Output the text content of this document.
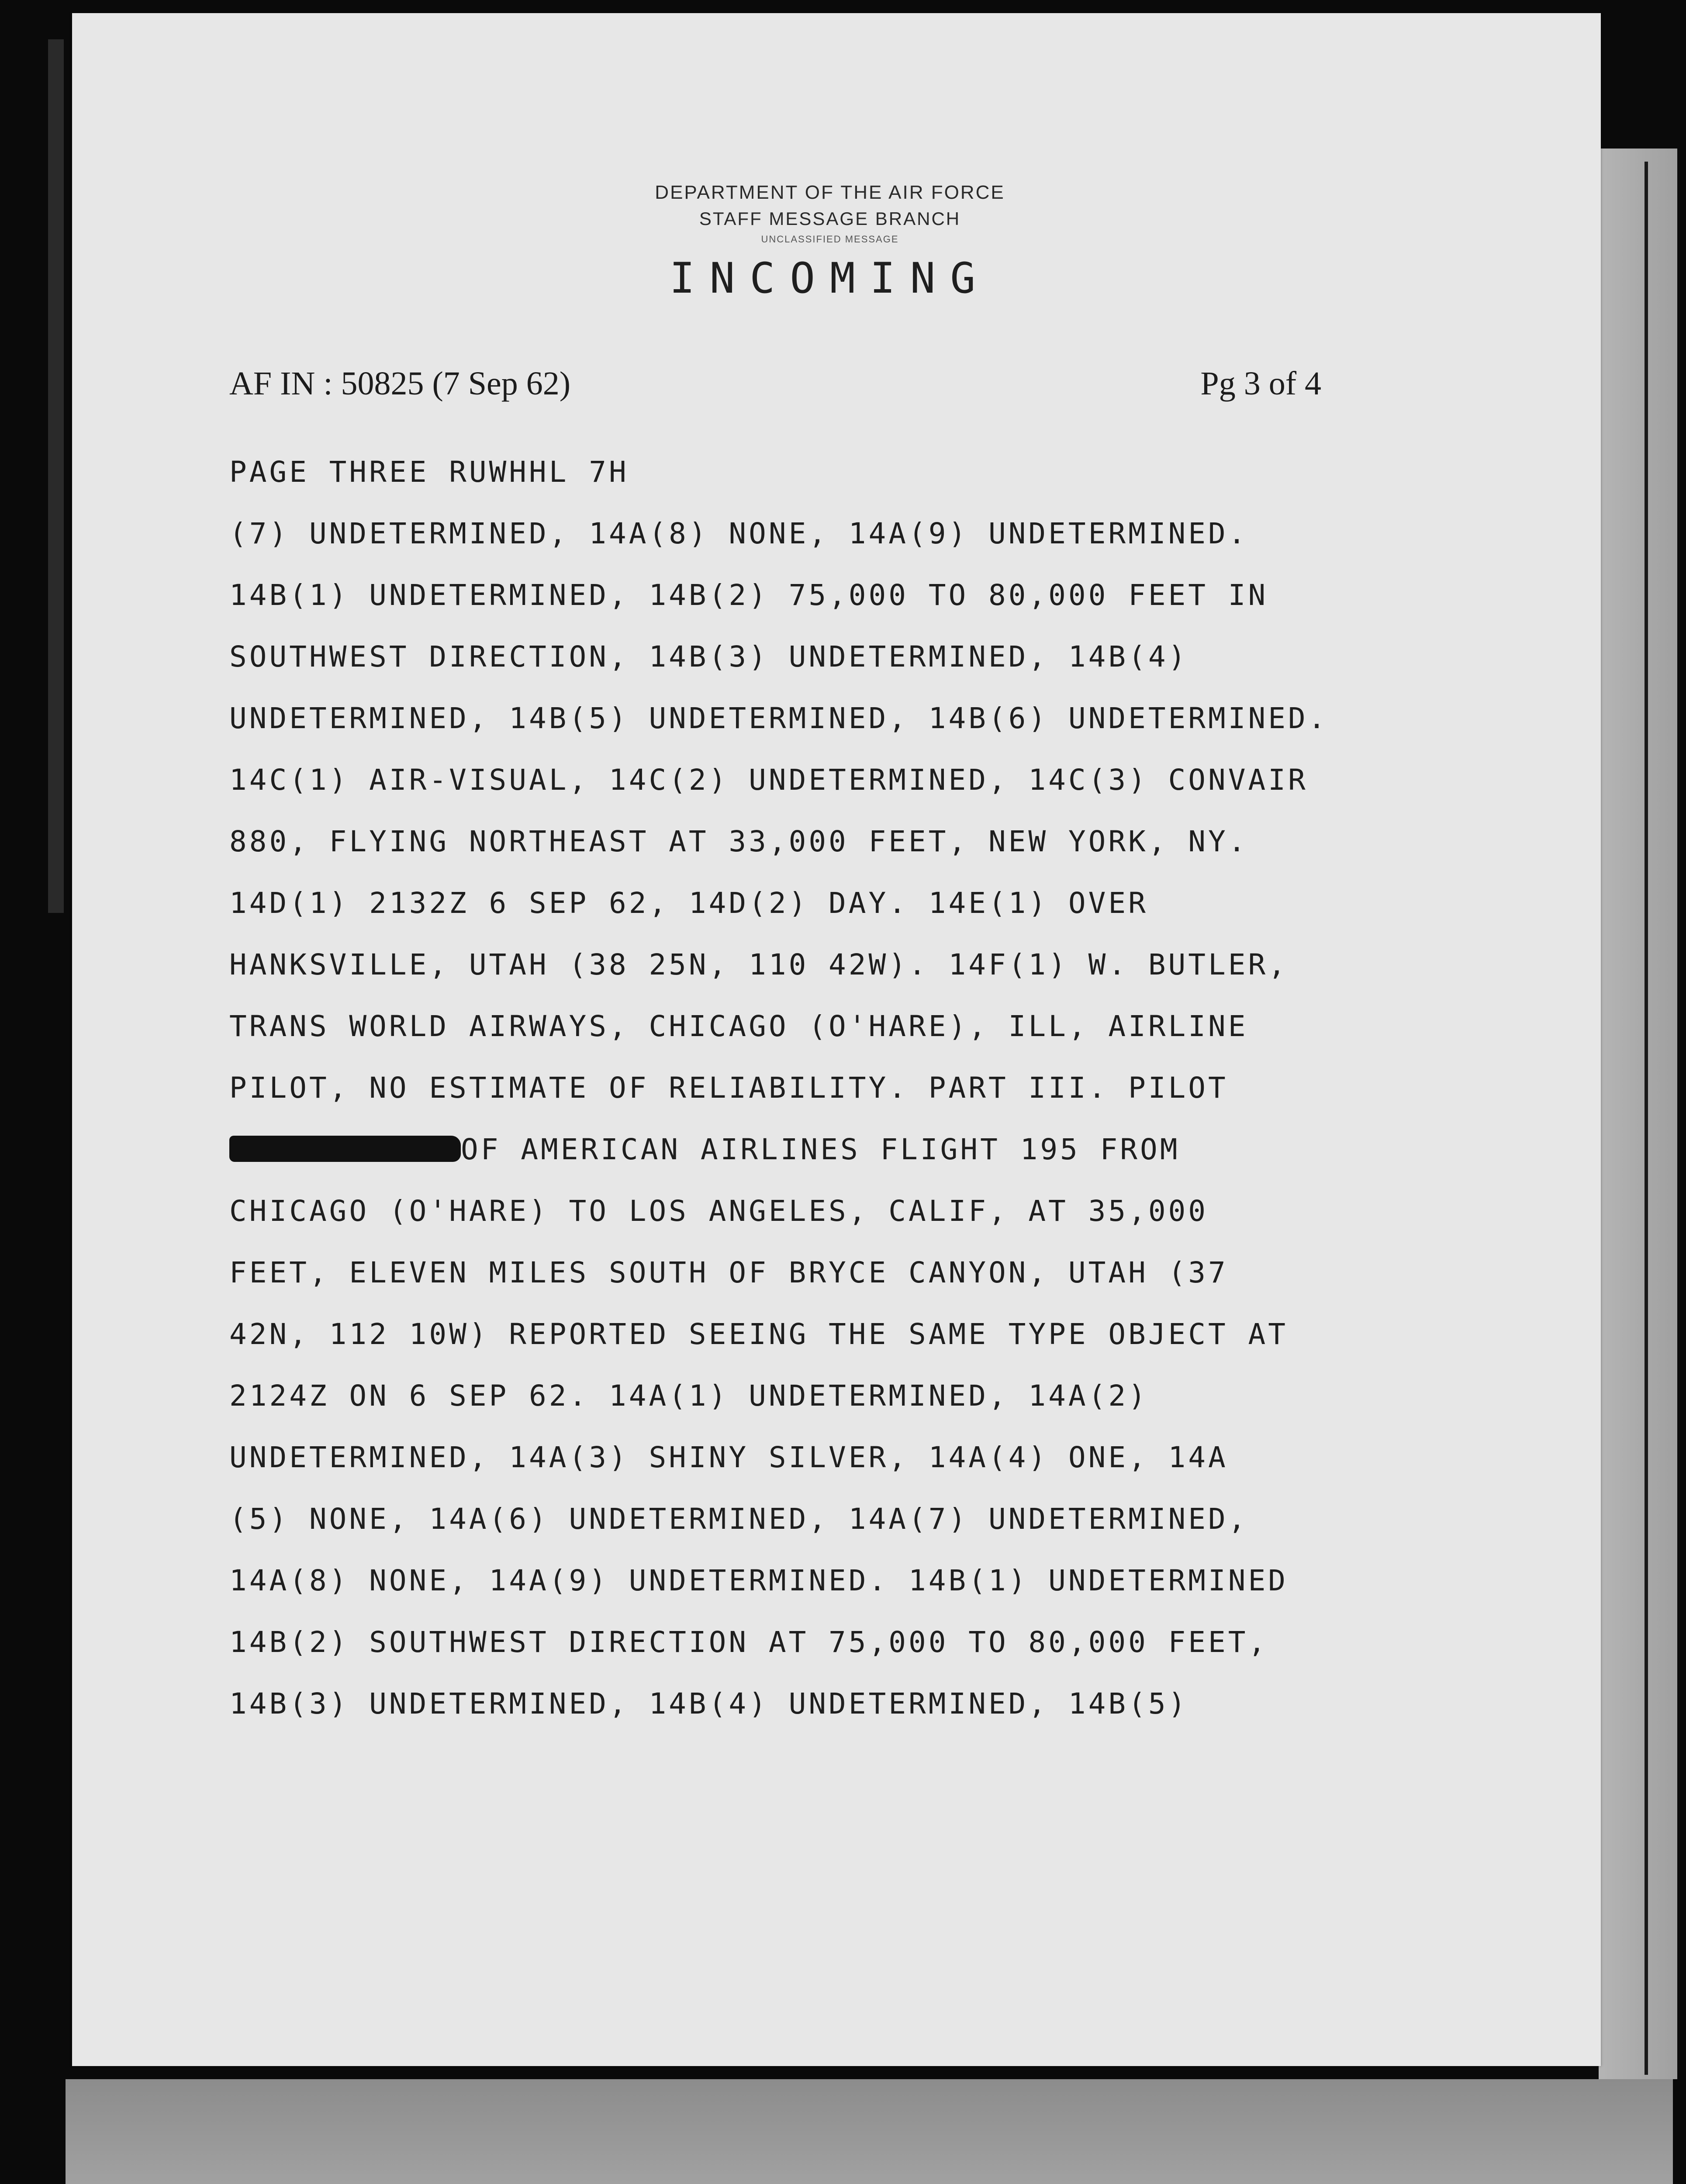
DEPARTMENT OF THE AIR FORCE
STAFF MESSAGE BRANCH
UNCLASSIFIED MESSAGE
INCOMING
AF IN : 50825 (7 Sep 62)	Pg 3 of 4
PAGE THREE RUWHHL 7H
(7) UNDETERMINED, 14A(8) NONE, 14A(9) UNDETERMINED.
14B(1) UNDETERMINED, 14B(2) 75,000 TO 80,000 FEET IN
SOUTHWEST DIRECTION, 14B(3) UNDETERMINED, 14B(4)
UNDETERMINED, 14B(5) UNDETERMINED, 14B(6) UNDETERMINED.
14C(1) AIR-VISUAL, 14C(2) UNDETERMINED, 14C(3) CONVAIR
880, FLYING NORTHEAST AT 33,000 FEET, NEW YORK, NY.
14D(1) 2132Z 6 SEP 62, 14D(2) DAY. 14E(1) OVER
HANKSVILLE, UTAH (38 25N, 110 42W). 14F(1) W. BUTLER,
TRANS WORLD AIRWAYS, CHICAGO (O'HARE), ILL, AIRLINE
PILOT, NO ESTIMATE OF RELIABILITY. PART III. PILOT
OF AMERICAN AIRLINES FLIGHT 195 FROM
CHICAGO (O'HARE) TO LOS ANGELES, CALIF, AT 35,000
FEET, ELEVEN MILES SOUTH OF BRYCE CANYON, UTAH (37
42N, 112 10W) REPORTED SEEING THE SAME TYPE OBJECT AT
2124Z ON 6 SEP 62. 14A(1) UNDETERMINED, 14A(2)
UNDETERMINED, 14A(3) SHINY SILVER, 14A(4) ONE, 14A
(5) NONE, 14A(6) UNDETERMINED, 14A(7) UNDETERMINED,
14A(8) NONE, 14A(9) UNDETERMINED. 14B(1) UNDETERMINED
14B(2) SOUTHWEST DIRECTION AT 75,000 TO 80,000 FEET,
14B(3) UNDETERMINED, 14B(4) UNDETERMINED, 14B(5)
